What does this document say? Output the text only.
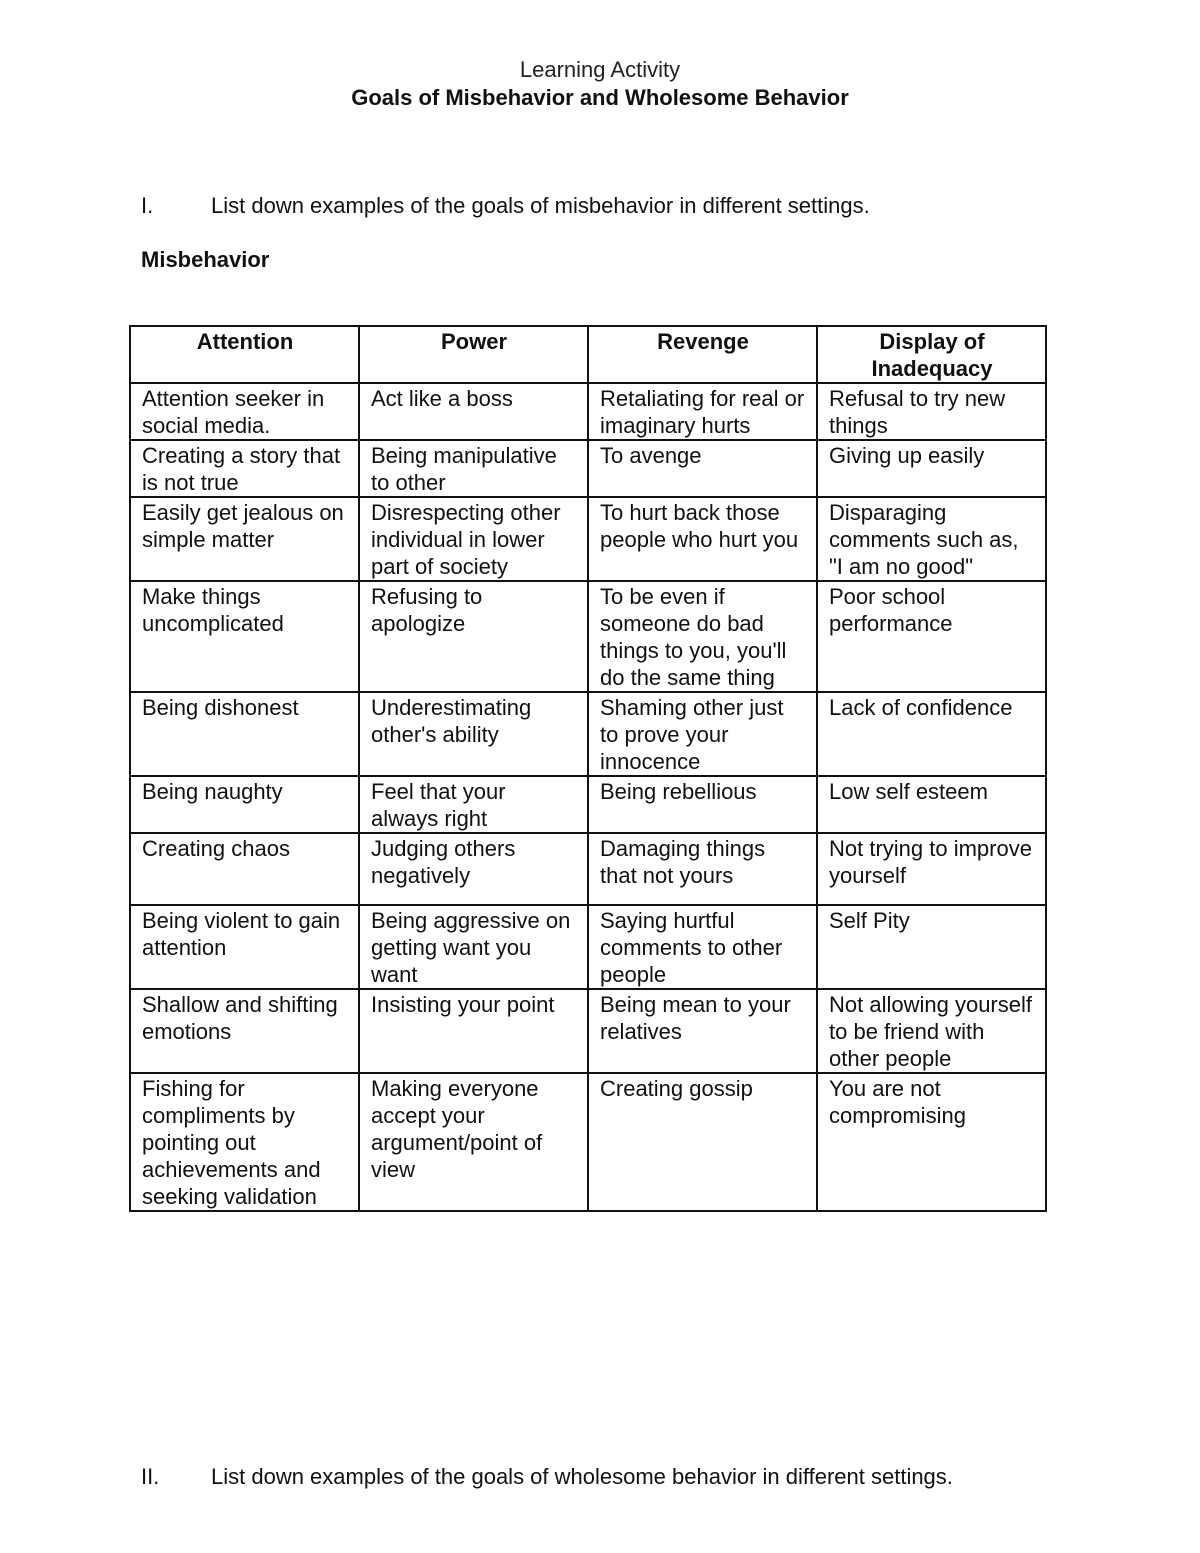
Learning Activity
Goals of Misbehavior and Wholesome Behavior
I.	List down examples of the goals of misbehavior in different settings.
Misbehavior
Attention	Power	Revenge	Display of Inadequacy
Attention seeker in social media.	Act like a boss	Retaliating for real or imaginary hurts	Refusal to try new things
Creating a story that is not true	Being manipulative to other	To avenge	Giving up easily
Easily get jealous on simple matter	Disrespecting other individual in lower part of society	To hurt back those people who hurt you	Disparaging comments such as, "I am no good"
Make things uncomplicated	Refusing to apologize	To be even if someone do bad things to you, you'll do the same thing	Poor school performance
Being dishonest	Underestimating other's ability	Shaming other just to prove your innocence	Lack of confidence
Being naughty	Feel that your always right	Being rebellious	Low self esteem
Creating chaos	Judging others negatively	Damaging things that not yours	Not trying to improve yourself
Being violent to gain attention	Being aggressive on getting want you want	Saying hurtful comments to other people	Self Pity
Shallow and shifting emotions	Insisting your point	Being mean to your relatives	Not allowing yourself to be friend with other people
Fishing for compliments by pointing out achievements and seeking validation	Making everyone accept your argument/point of view	Creating gossip	You are not compromising
II. List down examples of the goals of wholesome behavior in different settings.
